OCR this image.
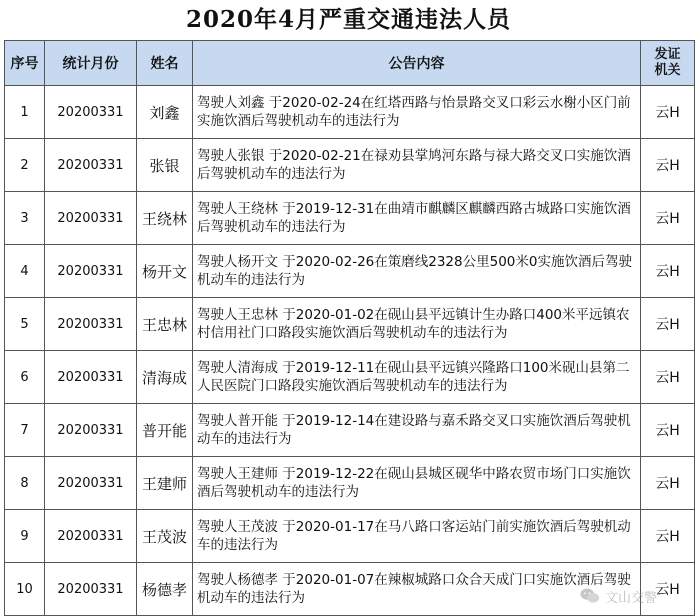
2020年4月严重交通违法人员
序号	统计月份	姓名	公告内容	发证
机关
1	20200331	刘鑫	驾驶人刘鑫 于2020-02-24在红塔西路与怡景路交叉口彩云水榭小区门前实施饮酒后驾驶机动车的违法行为	云H
2	20200331	张银	驾驶人张银 于2020-02-21在禄劝县掌鸠河东路与禄大路交叉口实施饮酒后驾驶机动车的违法行为	云H
3	20200331	王绕林	驾驶人王绕林 于2019-12-31在曲靖市麒麟区麒麟西路古城路口实施饮酒后驾驶机动车的违法行为	云H
4	20200331	杨开文	驾驶人杨开文 于2020-02-26在策磨线2328公里500米0实施饮酒后驾驶机动车的违法行为	云H
5	20200331	王忠林	驾驶人王忠林 于2020-01-02在砚山县平远镇计生办路口400米平远镇农村信用社门口路段实施饮酒后驾驶机动车的违法行为	云H
6	20200331	清海成	驾驶人清海成 于2019-12-11在砚山县平远镇兴隆路口100米砚山县第二人民医院门口路段实施饮酒后驾驶机动车的违法行为	云H
7	20200331	普开能	驾驶人普开能 于2019-12-14在建设路与嘉禾路交叉口实施饮酒后驾驶机动车的违法行为	云H
8	20200331	王建师	驾驶人王建师 于2019-12-22在砚山县城区砚华中路农贸市场门口实施饮酒后驾驶机动车的违法行为	云H
9	20200331	王茂波	驾驶人王茂波 于2020-01-17在马八路口客运站门前实施饮酒后驾驶机动车的违法行为	云H
10	20200331	杨德孝	驾驶人杨德孝 于2020-01-07在辣椒城路口众合天成门口实施饮酒后驾驶机动车的违法行为	云H
文山交警
